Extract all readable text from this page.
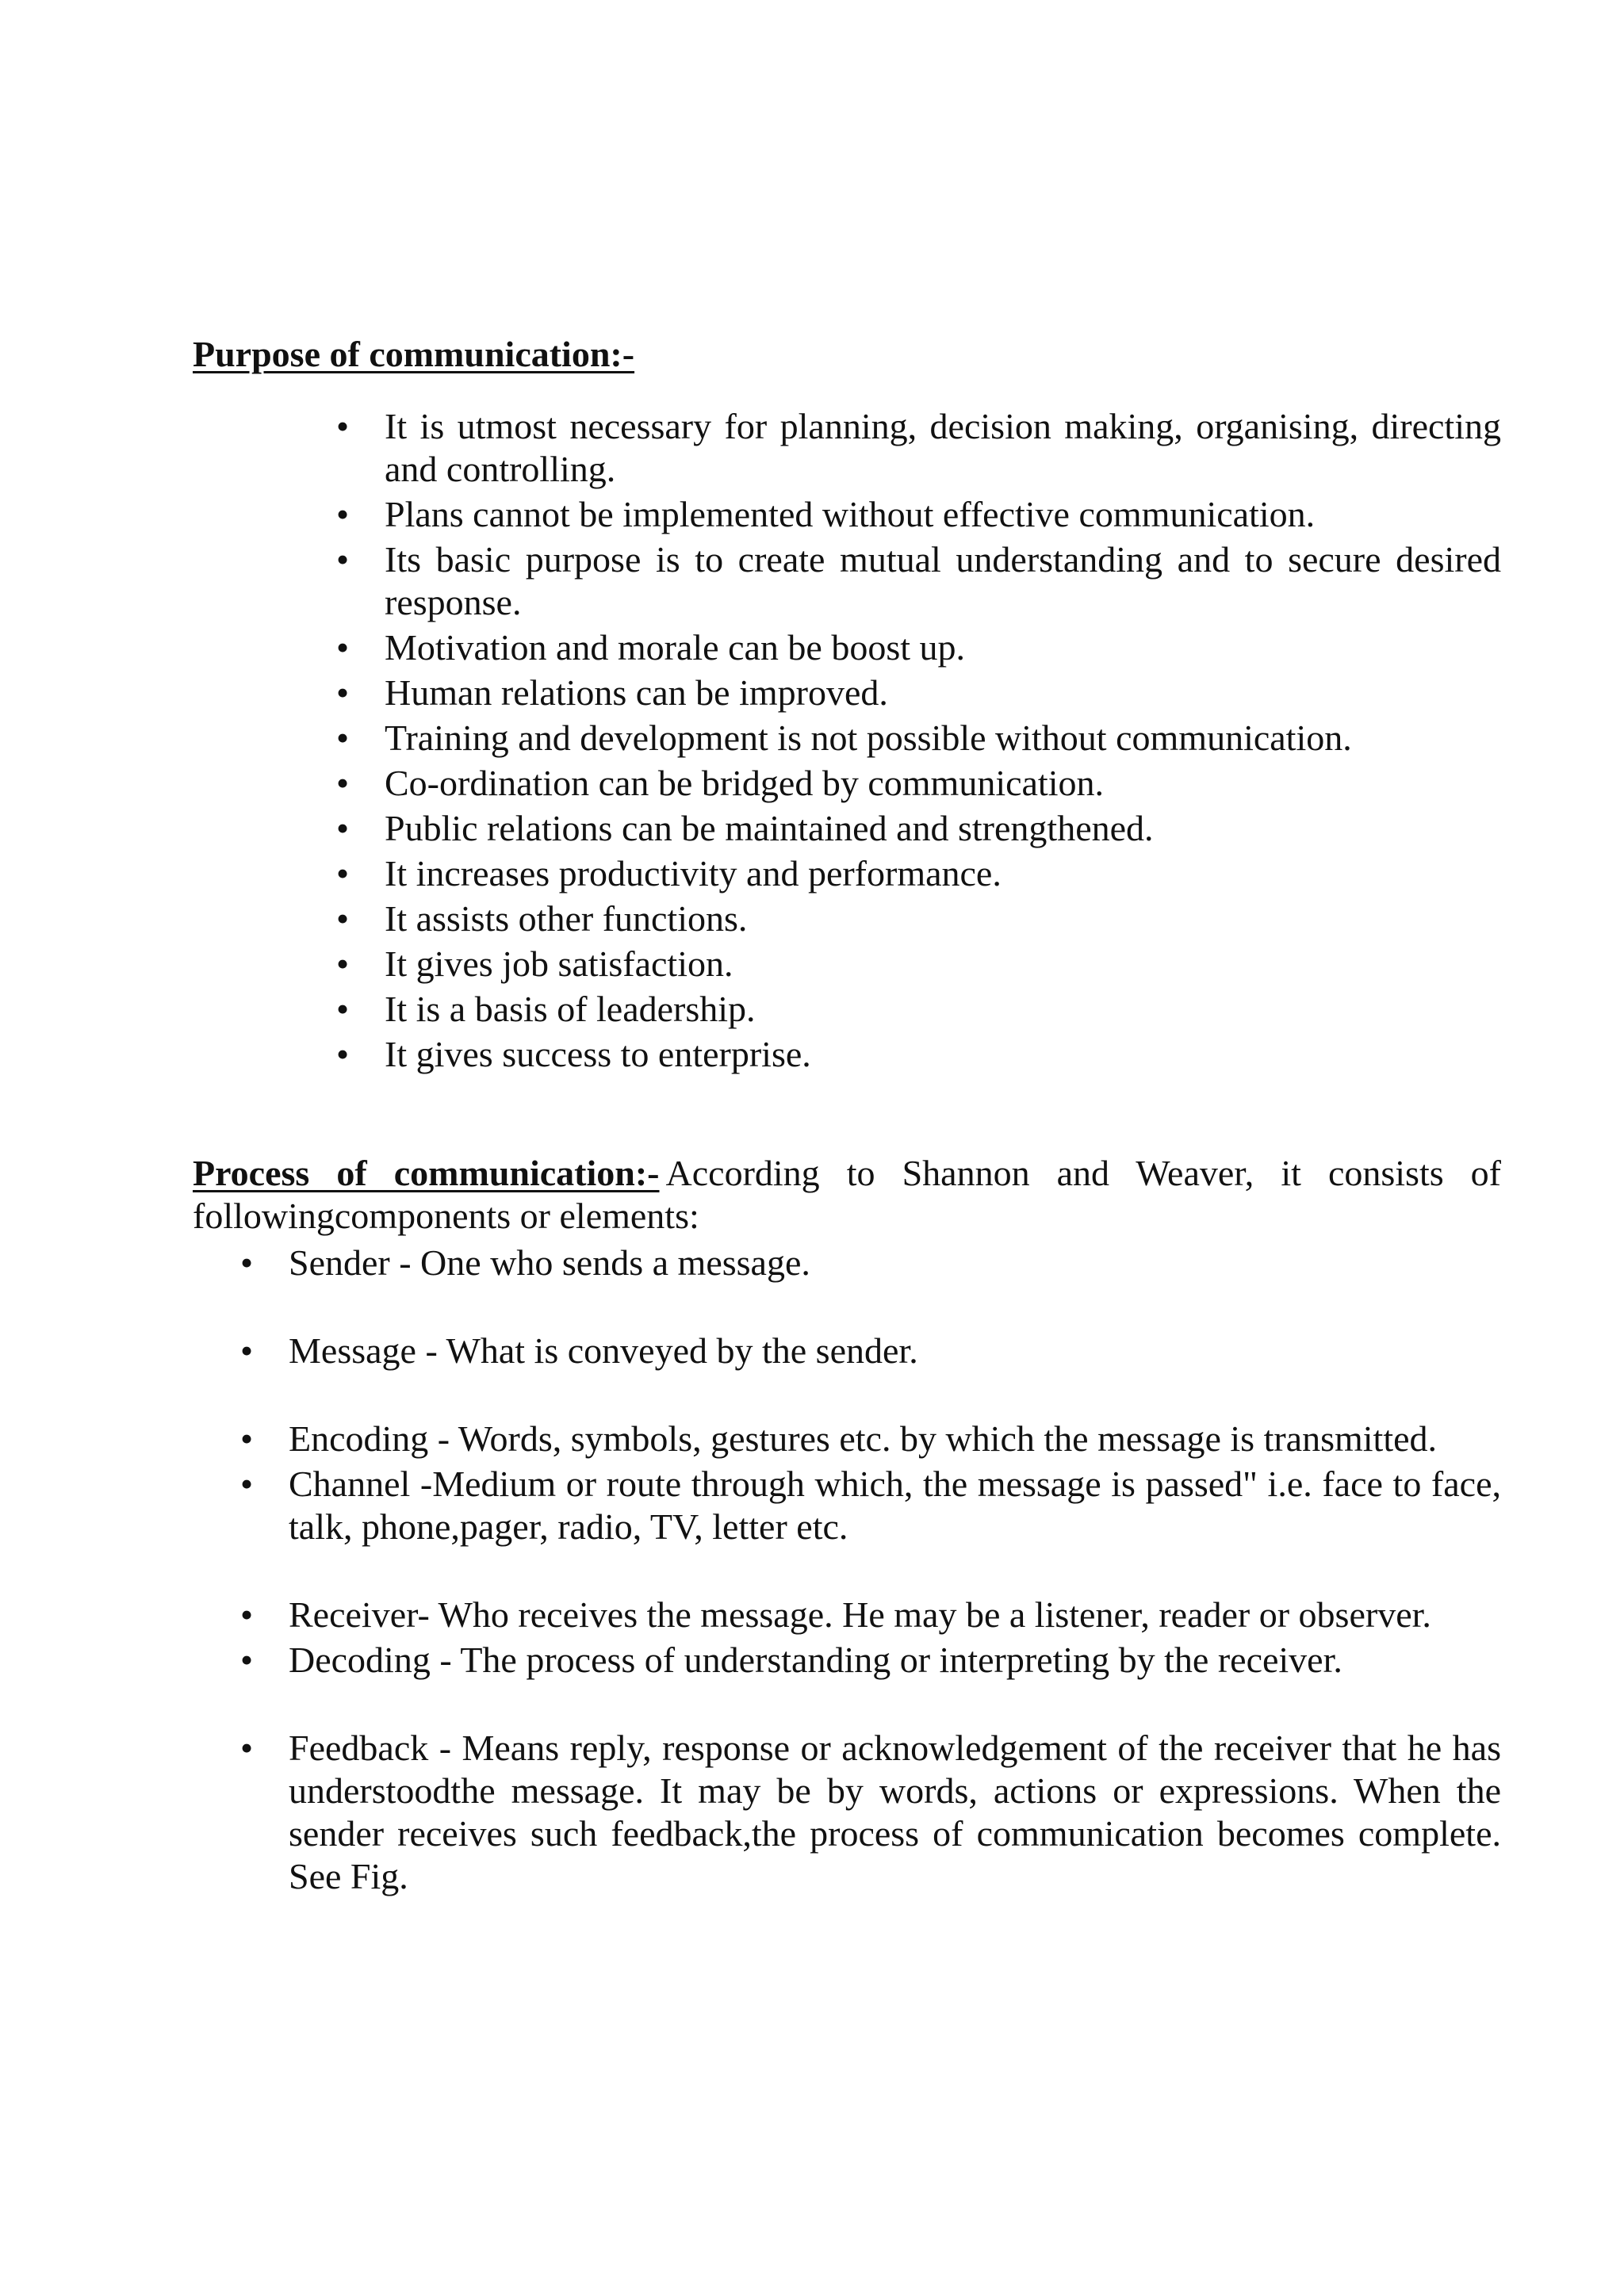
Purpose of communication:-

• It is utmost necessary for planning, decision making, organising, directing and controlling.
• Plans cannot be implemented without effective communication.
• Its basic purpose is to create mutual understanding and to secure desired response.
• Motivation and morale can be boost up.
• Human relations can be improved.
• Training and development is not possible without communication.
• Co-ordination can be bridged by communication.
• Public relations can be maintained and strengthened.
• It increases productivity and performance.
• It assists other functions.
• It gives job satisfaction.
• It is a basis of leadership.
• It gives success to enterprise.

Process of communication:- According to Shannon and Weaver, it consists of followingcomponents or elements:

• Sender - One who sends a message.
• Message - What is conveyed by the sender.
• Encoding - Words, symbols, gestures etc. by which the message is transmitted.
• Channel -Medium or route through which, the message is passed" i.e. face to face, talk, phone,pager, radio, TV, letter etc.
• Receiver- Who receives the message. He may be a listener, reader or observer.
• Decoding - The process of understanding or interpreting by the receiver.
• Feedback - Means reply, response or acknowledgement of the receiver that he has understoodthe message. It may be by words, actions or expressions. When the sender receives such feedback,the process of communication becomes complete. See Fig.
